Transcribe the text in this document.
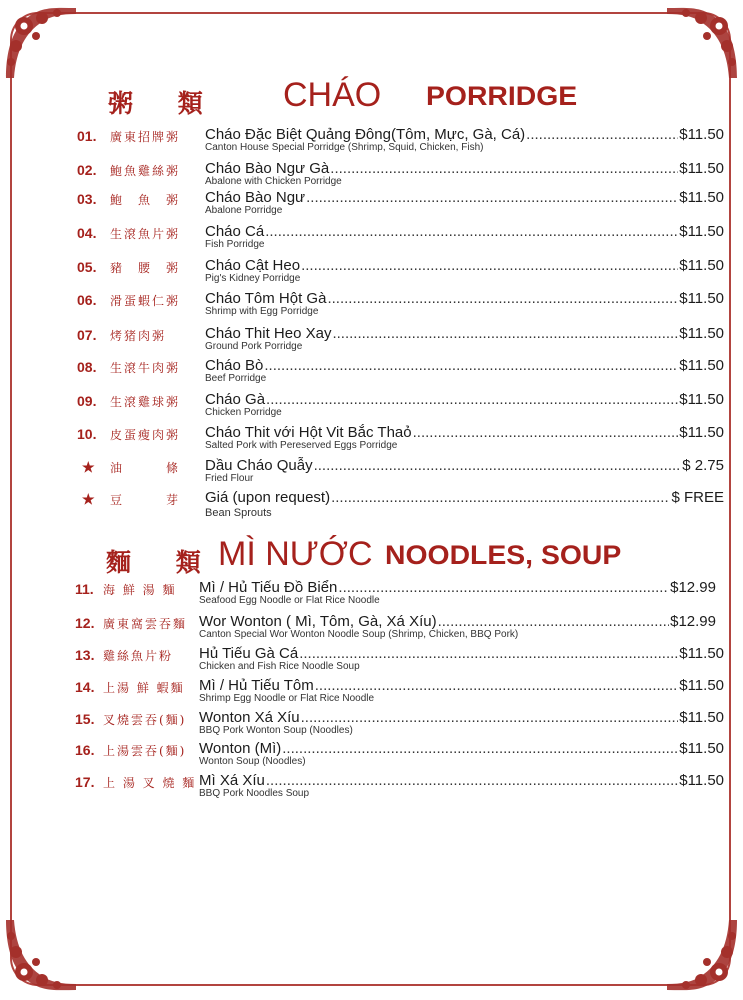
粥 類 CHÁO PORRIDGE
01. 廣東招牌粥 Cháo Đặc Biệt Quảng Đông(Tôm, Mực, Gà, Cá) .....	$11.50
Canton House Special Porridge (Shrimp, Squid, Chicken, Fish)
02. 鮑魚雞絲粥 Cháo Bào Ngư Gà .....	$11.50
Abalone with Chicken Porridge
03. 鮑　魚　粥 Cháo Bào Ngư .....	$11.50
Abalone Porridge
04. 生滾魚片粥 Cháo Cá .....	$11.50
Fish Porridge
05. 豬　腰　粥 Cháo Cật Heo .....	$11.50
Pig's Kidney Porridge
06. 滑蛋蝦仁粥 Cháo Tôm Hột Gà .....	$11.50
Shrimp with Egg Porridge
07. 烤猪肉粥	Cháo Thit Heo Xay .....	$11.50
Ground Pork Porridge
08. 生滾牛肉粥 Cháo Bò .....	$11.50
Beef Porridge
09. 生滾雞球粥 Cháo Gà .....	$11.50
Chicken Porridge
10. 皮蛋瘦肉粥 Cháo Thit với Hột Vit Bắc Thaỏ .....	$11.50
Salted Pork with Pereserved Eggs Porridge
★ 油　　　條 Dầu Cháo Quẫy .....	$ 2.75
Fried Flour
★ 豆　　　芽 Giá (upon request) .....	$ FREE
Bean Sprouts
麵 類 MÌ NƯỚC NOODLES, SOUP
11. 海 鮮 湯 麵 Mì / Hủ Tiếu Đồ Biển .....	$12.99
Seafood Egg Noodle or Flat Rice Noodle
12. 廣東窩雲吞麵 Wor Wonton ( Mì, Tôm, Gà, Xá Xíu) .....	$12.99
Canton Special Wor Wonton Noodle Soup (Shrimp, Chicken, BBQ Pork)
13. 雞絲魚片粉 Hủ Tiếu Gà Cá .....	$11.50
Chicken and Fish Rice Noodle Soup
14. 上湯 鮮 蝦麵 Mì / Hủ Tiếu Tôm .....	$11.50
Shrimp Egg Noodle or Flat Rice Noodle
15. 叉燒雲吞(麵) Wonton Xá Xíu .....	$11.50
BBQ Pork Wonton Soup (Noodles)
16. 上湯雲吞(麵) Wonton (Mì) .....	$11.50
Wonton Soup (Noodles)
17. 上 湯 叉 燒 麵 Mì Xá Xíu .....	$11.50
BBQ Pork Noodles Soup
